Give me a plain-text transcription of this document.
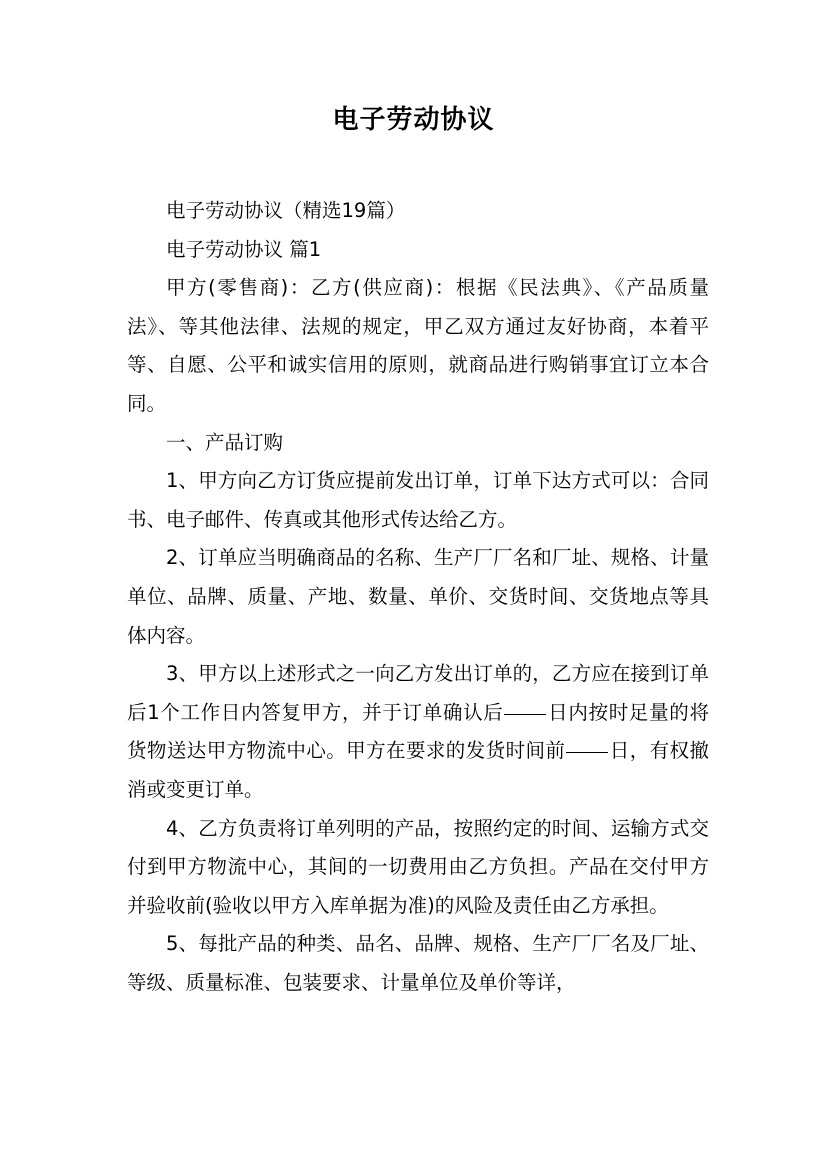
电子劳动协议

电子劳动协议（精选19篇）

电子劳动协议 篇1

甲方(零售商)：乙方(供应商)：根据《民法典》、《产品质量法》、等其他法律、法规的规定，甲乙双方通过友好协商，本着平等、自愿、公平和诚实信用的原则，就商品进行购销事宜订立本合同。

一、产品订购

1、甲方向乙方订货应提前发出订单，订单下达方式可以：合同书、电子邮件、传真或其他形式传达给乙方。

2、订单应当明确商品的名称、生产厂厂名和厂址、规格、计量单位、品牌、质量、产地、数量、单价、交货时间、交货地点等具体内容。

3、甲方以上述形式之一向乙方发出订单的，乙方应在接到订单后1个工作日内答复甲方，并于订单确认后 日内按时足量的将货物送达甲方物流中心。甲方在要求的发货时间前 日，有权撤消或变更订单。

4、乙方负责将订单列明的产品，按照约定的时间、运输方式交付到甲方物流中心，其间的一切费用由乙方负担。产品在交付甲方并验收前(验收以甲方入库单据为准)的风险及责任由乙方承担。

5、每批产品的种类、品名、品牌、规格、生产厂厂名及厂址、等级、质量标准、包装要求、计量单位及单价等详，
